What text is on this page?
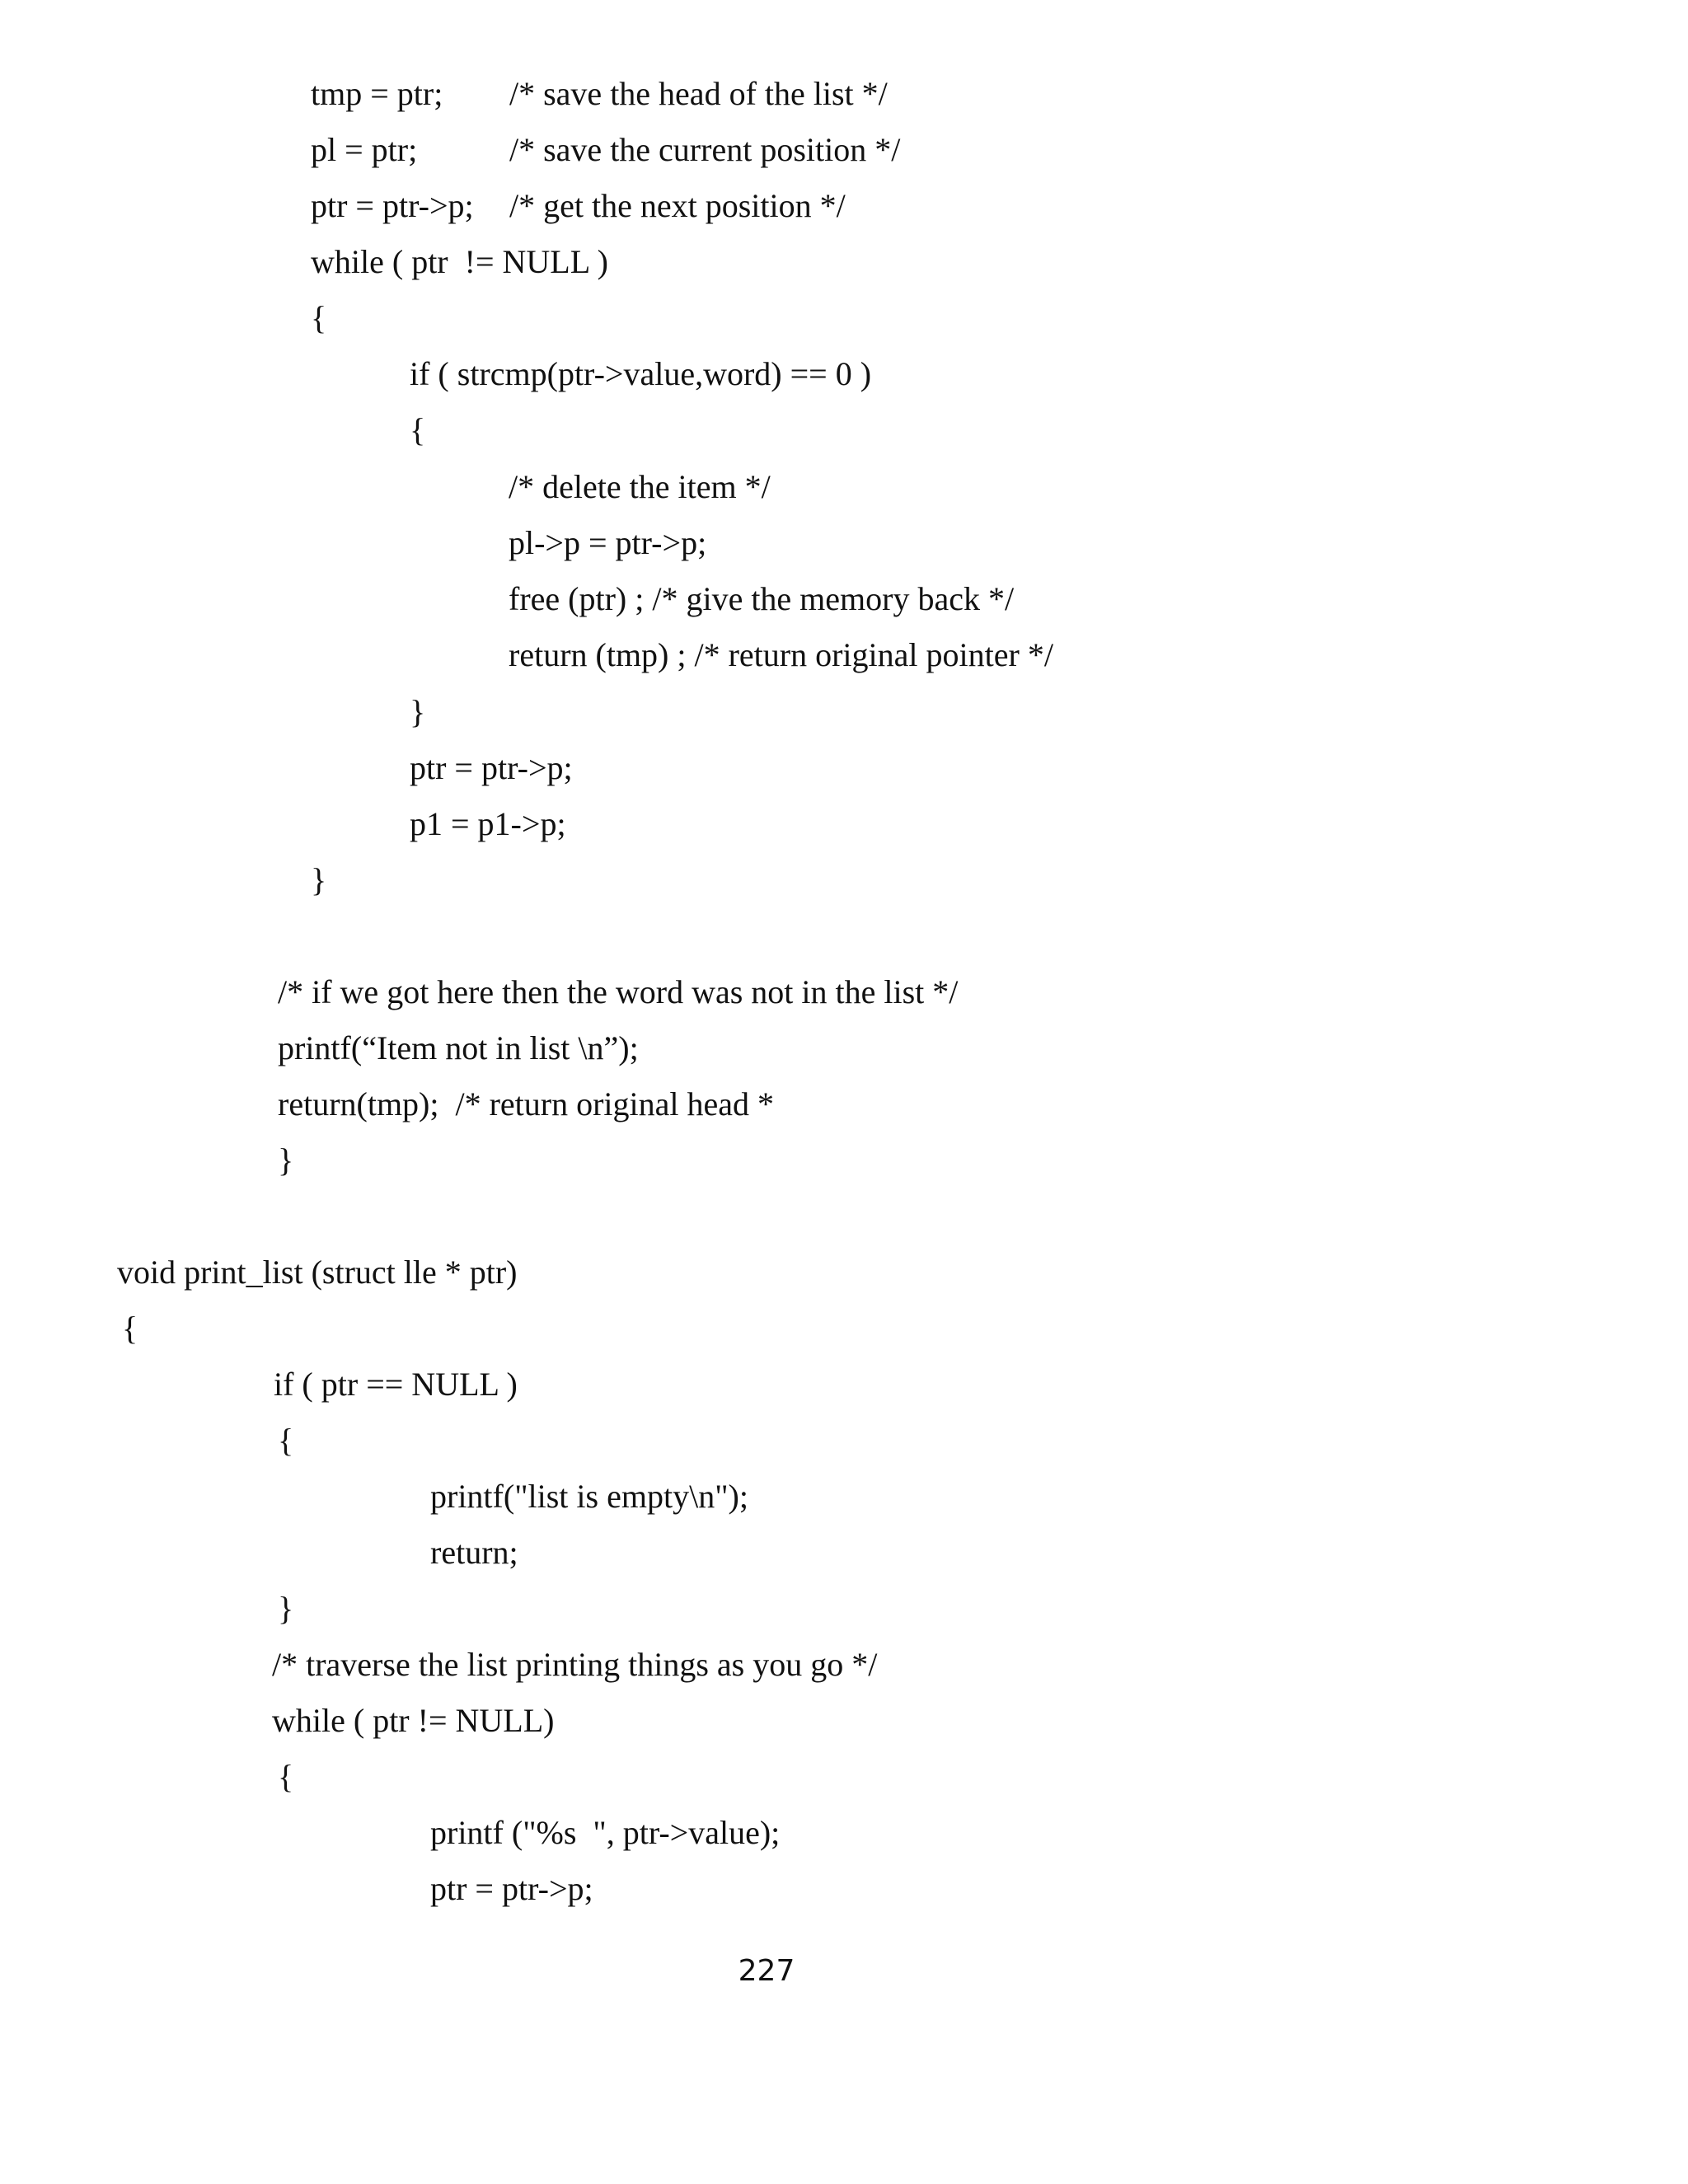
tmp = ptr; /* save the head of the list */
pl = ptr;	/* save the current position */
ptr = ptr->p; /* get the next position */
while ( ptr  != NULL )
{
if ( strcmp(ptr->value,word) == 0 )
{
/* delete the item */
pl->p = ptr->p;
free (ptr) ; /* give the memory back */
return (tmp) ; /* return original pointer */
}
ptr = ptr->p;
p1 = p1->p;
}
/* if we got here then the word was not in the list */
printf(“Item not in list \n”);
return(tmp);  /* return original head *
}
void print_list (struct lle * ptr)
{
if ( ptr == NULL )
{
printf("list is empty\n");
return;
}
/* traverse the list printing things as you go */
while ( ptr != NULL)
{
printf ("%s  ", ptr->value);
ptr = ptr->p;
227
